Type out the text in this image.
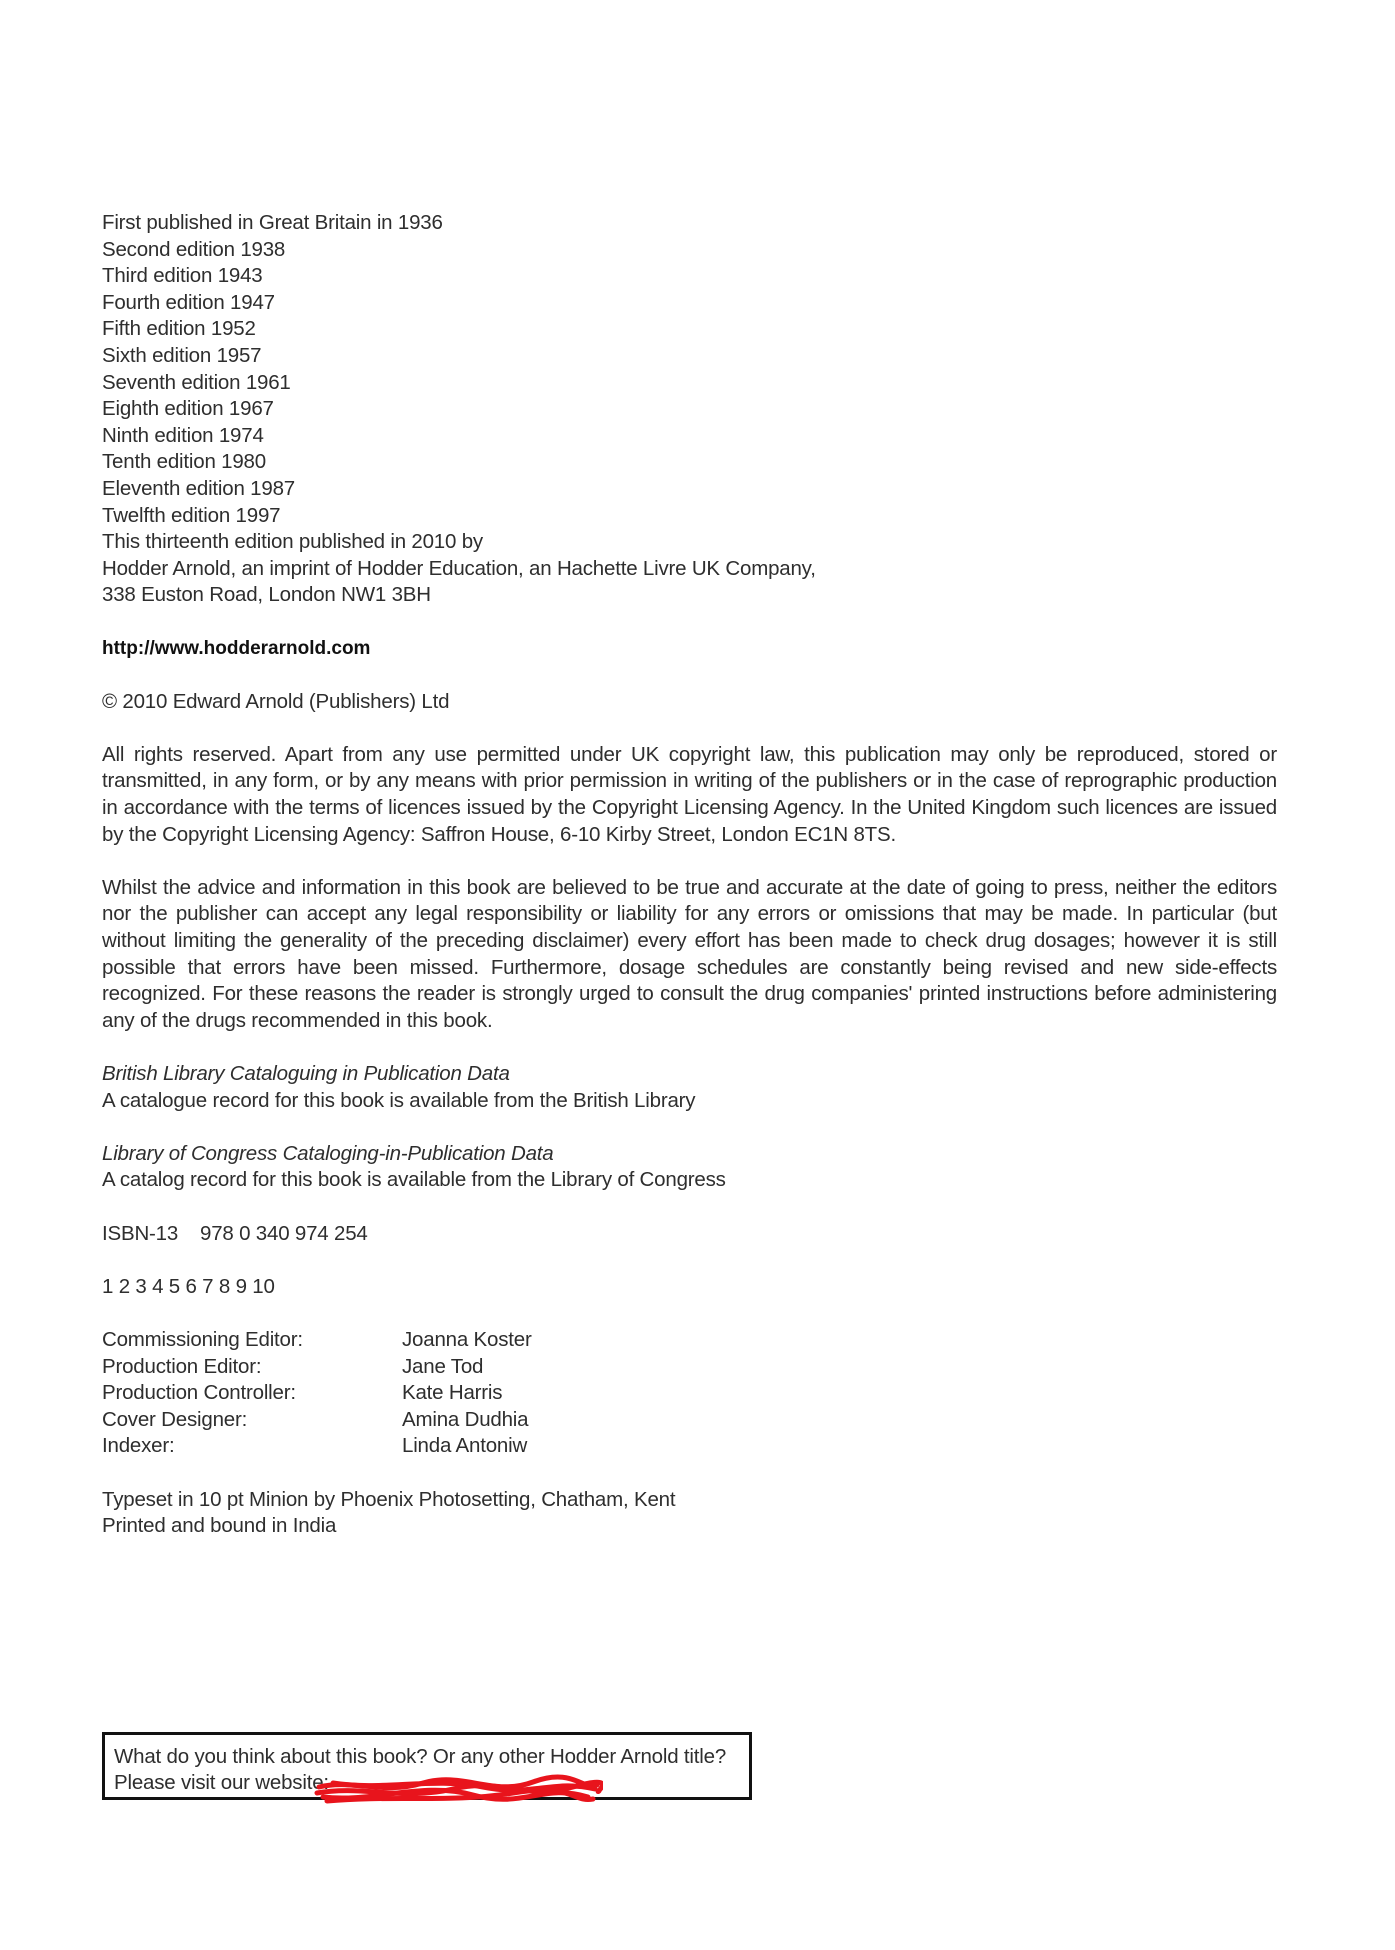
First published in Great Britain in 1936
Second edition 1938
Third edition 1943
Fourth edition 1947
Fifth edition 1952
Sixth edition 1957
Seventh edition 1961
Eighth edition 1967
Ninth edition 1974
Tenth edition 1980
Eleventh edition 1987
Twelfth edition 1997
This thirteenth edition published in 2010 by
Hodder Arnold, an imprint of Hodder Education, an Hachette Livre UK Company,
338 Euston Road, London NW1 3BH
http://www.hodderarnold.com
© 2010 Edward Arnold (Publishers) Ltd
All rights reserved. Apart from any use permitted under UK copyright law, this publication may only be reproduced, stored or transmitted, in any form, or by any means with prior permission in writing of the publishers or in the case of reprographic production in accordance with the terms of licences issued by the Copyright Licensing Agency. In the United Kingdom such licences are issued by the Copyright Licensing Agency: Saffron House, 6-10 Kirby Street, London EC1N 8TS.
Whilst the advice and information in this book are believed to be true and accurate at the date of going to press, neither the editors nor the publisher can accept any legal responsibility or liability for any errors or omissions that may be made. In particular (but without limiting the generality of the preceding disclaimer) every effort has been made to check drug dosages; however it is still possible that errors have been missed. Furthermore, dosage schedules are constantly being revised and new side-effects recognized. For these reasons the reader is strongly urged to consult the drug companies' printed instructions before administering any of the drugs recommended in this book.
British Library Cataloguing in Publication Data
A catalogue record for this book is available from the British Library
Library of Congress Cataloging-in-Publication Data
A catalog record for this book is available from the Library of Congress
ISBN-13 978 0 340 974 254
1 2 3 4 5 6 7 8 9 10
Commissioning Editor:	Joanna Koster
Production Editor:	Jane Tod
Production Controller:	Kate Harris
Cover Designer:	Amina Dudhia
Indexer:	Linda Antoniw
Typeset in 10 pt Minion by Phoenix Photosetting, Chatham, Kent
Printed and bound in India
What do you think about this book? Or any other Hodder Arnold title?
Please visit our website:
